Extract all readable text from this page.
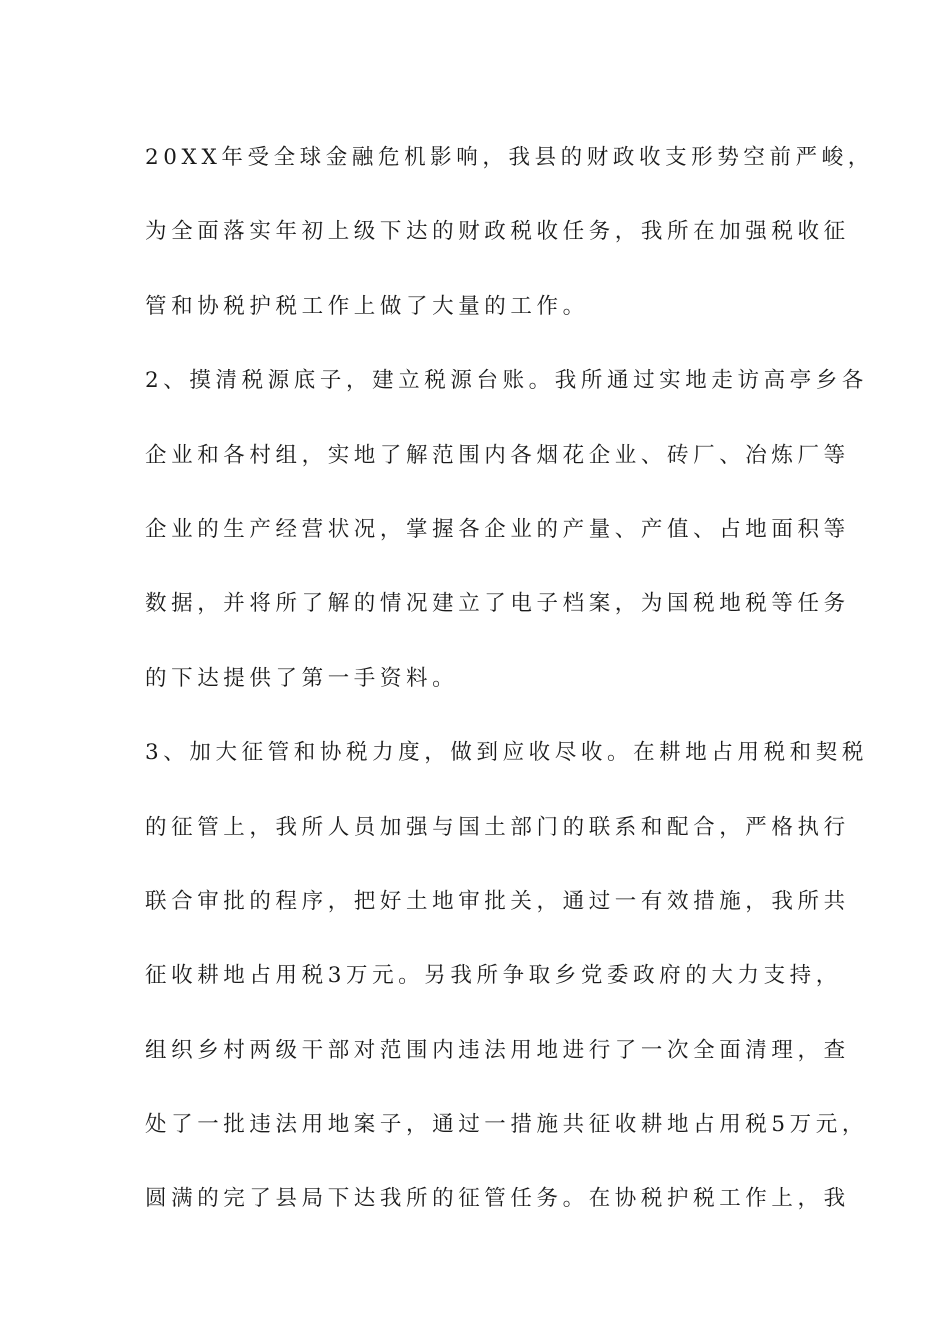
20XX年受全球金融危机影响，我县的财政收支形势空前严峻，
为全面落实年初上级下达的财政税收任务，我所在加强税收征
管和协税护税工作上做了大量的工作。
2、摸清税源底子，建立税源台账。我所通过实地走访高亭乡各
企业和各村组，实地了解范围内各烟花企业、砖厂、冶炼厂等
企业的生产经营状况，掌握各企业的产量、产值、占地面积等
数据，并将所了解的情况建立了电子档案，为国税地税等任务
的下达提供了第一手资料。
3、加大征管和协税力度，做到应收尽收。在耕地占用税和契税
的征管上，我所人员加强与国土部门的联系和配合，严格执行
联合审批的程序，把好土地审批关，通过一有效措施，我所共
征收耕地占用税3万元。另我所争取乡党委政府的大力支持，
组织乡村两级干部对范围内违法用地进行了一次全面清理，查
处了一批违法用地案子，通过一措施共征收耕地占用税5万元，
圆满的完了县局下达我所的征管任务。在协税护税工作上，我
